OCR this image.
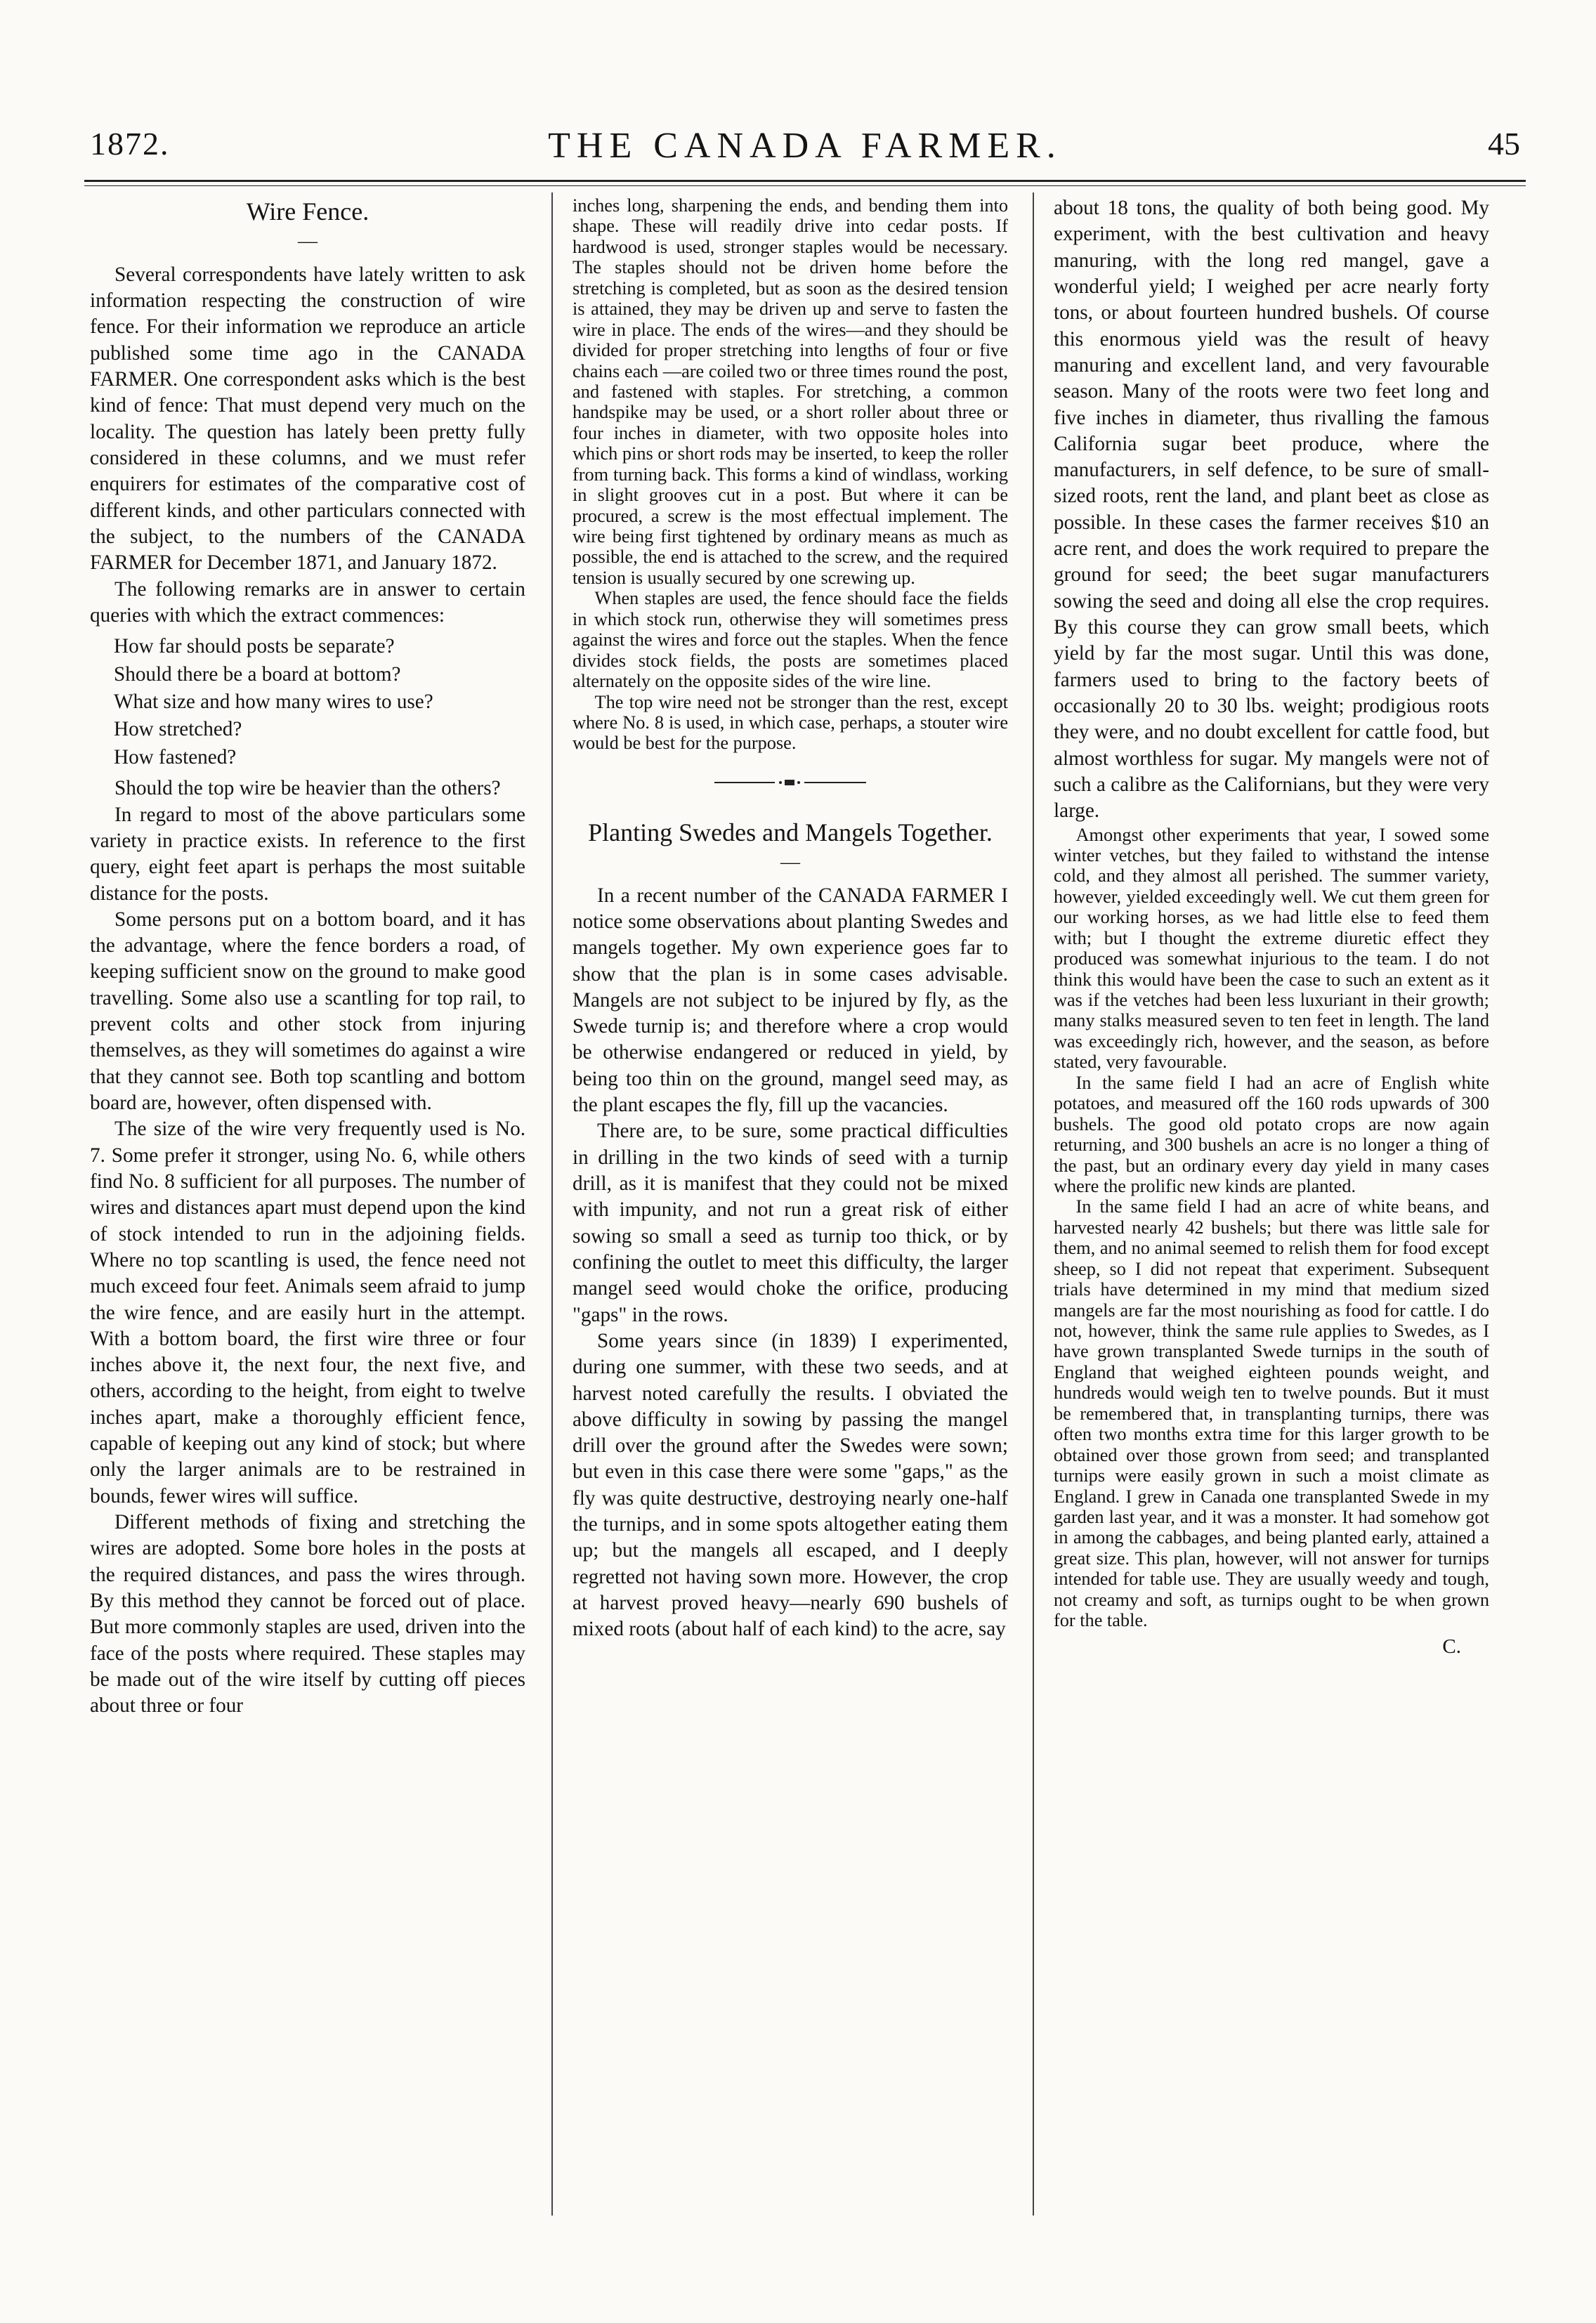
1872.	THE CANADA FARMER.	45
Wire Fence.
—

Several correspondents have lately written to ask information respecting the construction of wire fence. For their information we reproduce an article published some time ago in the CANADA FARMER. One correspondent asks which is the best kind of fence: That must depend very much on the locality. The question has lately been pretty fully considered in these columns, and we must refer enquirers for estimates of the comparative cost of different kinds, and other particulars connected with the subject, to the numbers of the CANADA FARMER for December 1871, and January 1872.

The following remarks are in answer to certain queries with which the extract commences:

How far should posts be separate?
Should there be a board at bottom?
What size and how many wires to use?
How stretched?
How fastened?

Should the top wire be heavier than the others?

In regard to most of the above particulars some variety in practice exists. In reference to the first query, eight feet apart is perhaps the most suitable distance for the posts.

Some persons put on a bottom board, and it has the advantage, where the fence borders a road, of keeping sufficient snow on the ground to make good travelling. Some also use a scantling for top rail, to prevent colts and other stock from injuring themselves, as they will sometimes do against a wire that they cannot see. Both top scantling and bottom board are, however, often dispensed with.

The size of the wire very frequently used is No. 7. Some prefer it stronger, using No. 6, while others find No. 8 sufficient for all purposes. The number of wires and distances apart must depend upon the kind of stock intended to run in the adjoining fields. Where no top scantling is used, the fence need not much exceed four feet. Animals seem afraid to jump the wire fence, and are easily hurt in the attempt. With a bottom board, the first wire three or four inches above it, the next four, the next five, and others, according to the height, from eight to twelve inches apart, make a thoroughly efficient fence, capable of keeping out any kind of stock; but where only the larger animals are to be restrained in bounds, fewer wires will suffice.

Different methods of fixing and stretching the wires are adopted. Some bore holes in the posts at the required distances, and pass the wires through. By this method they cannot be forced out of place. But more commonly staples are used, driven into the face of the posts where required. These staples may be made out of the wire itself by cutting off pieces about three or four

inches long, sharpening the ends, and bending them into shape. These will readily drive into cedar posts. If hardwood is used, stronger staples would be necessary. The staples should not be driven home before the stretching is completed, but as soon as the desired tension is attained, they may be driven up and serve to fasten the wire in place. The ends of the wires—and they should be divided for proper stretching into lengths of four or five chains each —are coiled two or three times round the post, and fastened with staples. For stretching, a common handspike may be used, or a short roller about three or four inches in diameter, with two opposite holes into which pins or short rods may be inserted, to keep the roller from turning back. This forms a kind of windlass, working in slight grooves cut in a post. But where it can be procured, a screw is the most effectual implement. The wire being first tightened by ordinary means as much as possible, the end is attached to the screw, and the required tension is usually secured by one screwing up.

When staples are used, the fence should face the fields in which stock run, otherwise they will sometimes press against the wires and force out the staples. When the fence divides stock fields, the posts are sometimes placed alternately on the opposite sides of the wire line.

The top wire need not be stronger than the rest, except where No. 8 is used, in which case, perhaps, a stouter wire would be best for the purpose.

Planting Swedes and Mangels Together.
—

In a recent number of the CANADA FARMER I notice some observations about planting Swedes and mangels together. My own experience goes far to show that the plan is in some cases advisable. Mangels are not subject to be injured by fly, as the Swede turnip is; and therefore where a crop would be otherwise endangered or reduced in yield, by being too thin on the ground, mangel seed may, as the plant escapes the fly, fill up the vacancies.

There are, to be sure, some practical difficulties in drilling in the two kinds of seed with a turnip drill, as it is manifest that they could not be mixed with impunity, and not run a great risk of either sowing so small a seed as turnip too thick, or by confining the outlet to meet this difficulty, the larger mangel seed would choke the orifice, producing "gaps" in the rows.

Some years since (in 1839) I experimented, during one summer, with these two seeds, and at harvest noted carefully the results. I obviated the above difficulty in sowing by passing the mangel drill over the ground after the Swedes were sown; but even in this case there were some "gaps," as the fly was quite destructive, destroying nearly one-half the turnips, and in some spots altogether eating them up; but the mangels all escaped, and I deeply regretted not having sown more. However, the crop at harvest proved heavy—nearly 690 bushels of mixed roots (about half of each kind) to the acre, say

about 18 tons, the quality of both being good. My experiment, with the best cultivation and heavy manuring, with the long red mangel, gave a wonderful yield; I weighed per acre nearly forty tons, or about fourteen hundred bushels. Of course this enormous yield was the result of heavy manuring and excellent land, and very favourable season. Many of the roots were two feet long and five inches in diameter, thus rivalling the famous California sugar beet produce, where the manufacturers, in self defence, to be sure of small-sized roots, rent the land, and plant beet as close as possible. In these cases the farmer receives $10 an acre rent, and does the work required to prepare the ground for seed; the beet sugar manufacturers sowing the seed and doing all else the crop requires. By this course they can grow small beets, which yield by far the most sugar. Until this was done, farmers used to bring to the factory beets of occasionally 20 to 30 lbs. weight; prodigious roots they were, and no doubt excellent for cattle food, but almost worthless for sugar. My mangels were not of such a calibre as the Californians, but they were very large.

Amongst other experiments that year, I sowed some winter vetches, but they failed to withstand the intense cold, and they almost all perished. The summer variety, however, yielded exceedingly well. We cut them green for our working horses, as we had little else to feed them with; but I thought the extreme diuretic effect they produced was somewhat injurious to the team. I do not think this would have been the case to such an extent as it was if the vetches had been less luxuriant in their growth; many stalks measured seven to ten feet in length. The land was exceedingly rich, however, and the season, as before stated, very favourable.

In the same field I had an acre of English white potatoes, and measured off the 160 rods upwards of 300 bushels. The good old potato crops are now again returning, and 300 bushels an acre is no longer a thing of the past, but an ordinary every day yield in many cases where the prolific new kinds are planted.

In the same field I had an acre of white beans, and harvested nearly 42 bushels; but there was little sale for them, and no animal seemed to relish them for food except sheep, so I did not repeat that experiment. Subsequent trials have determined in my mind that medium sized mangels are far the most nourishing as food for cattle. I do not, however, think the same rule applies to Swedes, as I have grown transplanted Swede turnips in the south of England that weighed eighteen pounds weight, and hundreds would weigh ten to twelve pounds. But it must be remembered that, in transplanting turnips, there was often two months extra time for this larger growth to be obtained over those grown from seed; and transplanted turnips were easily grown in such a moist climate as England. I grew in Canada one transplanted Swede in my garden last year, and it was a monster. It had somehow got in among the cabbages, and being planted early, attained a great size. This plan, however, will not answer for turnips intended for table use. They are usually weedy and tough, not creamy and soft, as turnips ought to be when grown for the table.

C.
